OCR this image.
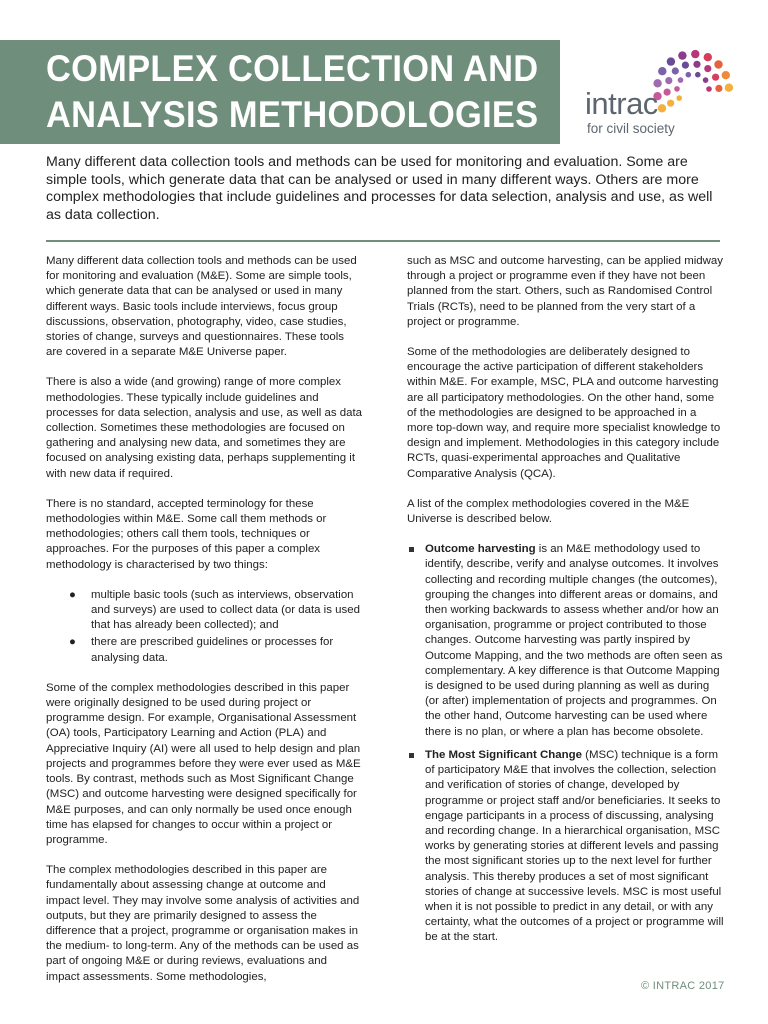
COMPLEX COLLECTION AND
ANALYSIS METHODOLOGIES intrac
for civil society
Many different data collection tools and methods can be used for monitoring and evaluation. Some are simple tools, which generate data that can be analysed or used in many different ways. Others are more complex methodologies that include guidelines and processes for data selection, analysis and use, as well as data collection.

Many different data collection tools and methods can be used for monitoring and evaluation (M&E). Some are simple tools, which generate data that can be analysed or used in many different ways. Basic tools include interviews, focus group discussions, observation, photography, video, case studies, stories of change, surveys and questionnaires. These tools are covered in a separate M&E Universe paper.

There is also a wide (and growing) range of more complex methodologies. These typically include guidelines and processes for data selection, analysis and use, as well as data collection. Sometimes these methodologies are focused on gathering and analysing new data, and sometimes they are focused on analysing existing data, perhaps supplementing it with new data if required.

There is no standard, accepted terminology for these methodologies within M&E. Some call them methods or methodologies; others call them tools, techniques or approaches. For the purposes of this paper a complex methodology is characterised by two things:

● multiple basic tools (such as interviews, observation and surveys) are used to collect data (or data is used that has already been collected); and
● there are prescribed guidelines or processes for analysing data.

Some of the complex methodologies described in this paper were originally designed to be used during project or programme design. For example, Organisational Assessment (OA) tools, Participatory Learning and Action (PLA) and Appreciative Inquiry (AI) were all used to help design and plan projects and programmes before they were ever used as M&E tools. By contrast, methods such as Most Significant Change (MSC) and outcome harvesting were designed specifically for M&E purposes, and can only normally be used once enough time has elapsed for changes to occur within a project or programme.

The complex methodologies described in this paper are fundamentally about assessing change at outcome and impact level. They may involve some analysis of activities and outputs, but they are primarily designed to assess the difference that a project, programme or organisation makes in the medium- to long-term. Any of the methods can be used as part of ongoing M&E or during reviews, evaluations and impact assessments. Some methodologies,

such as MSC and outcome harvesting, can be applied midway through a project or programme even if they have not been planned from the start. Others, such as Randomised Control Trials (RCTs), need to be planned from the very start of a project or programme.

Some of the methodologies are deliberately designed to encourage the active participation of different stakeholders within M&E. For example, MSC, PLA and outcome harvesting are all participatory methodologies. On the other hand, some of the methodologies are designed to be approached in a more top-down way, and require more specialist knowledge to design and implement. Methodologies in this category include RCTs, quasi-experimental approaches and Qualitative Comparative Analysis (QCA).

A list of the complex methodologies covered in the M&E Universe is described below.

Outcome harvesting is an M&E methodology used to identify, describe, verify and analyse outcomes. It involves collecting and recording multiple changes (the outcomes), grouping the changes into different areas or domains, and then working backwards to assess whether and/or how an organisation, programme or project contributed to those changes. Outcome harvesting was partly inspired by Outcome Mapping, and the two methods are often seen as complementary. A key difference is that Outcome Mapping is designed to be used during planning as well as during (or after) implementation of projects and programmes. On the other hand, Outcome harvesting can be used where there is no plan, or where a plan has become obsolete.
The Most Significant Change (MSC) technique is a form of participatory M&E that involves the collection, selection and verification of stories of change, developed by programme or project staff and/or beneficiaries. It seeks to engage participants in a process of discussing, analysing and recording change. In a hierarchical organisation, MSC works by generating stories at different levels and passing the most significant stories up to the next level for further analysis. This thereby produces a set of most significant stories of change at successive levels. MSC is most useful when it is not possible to predict in any detail, or with any certainty, what the outcomes of a project or programme will be at the start.
© INTRAC 2017
